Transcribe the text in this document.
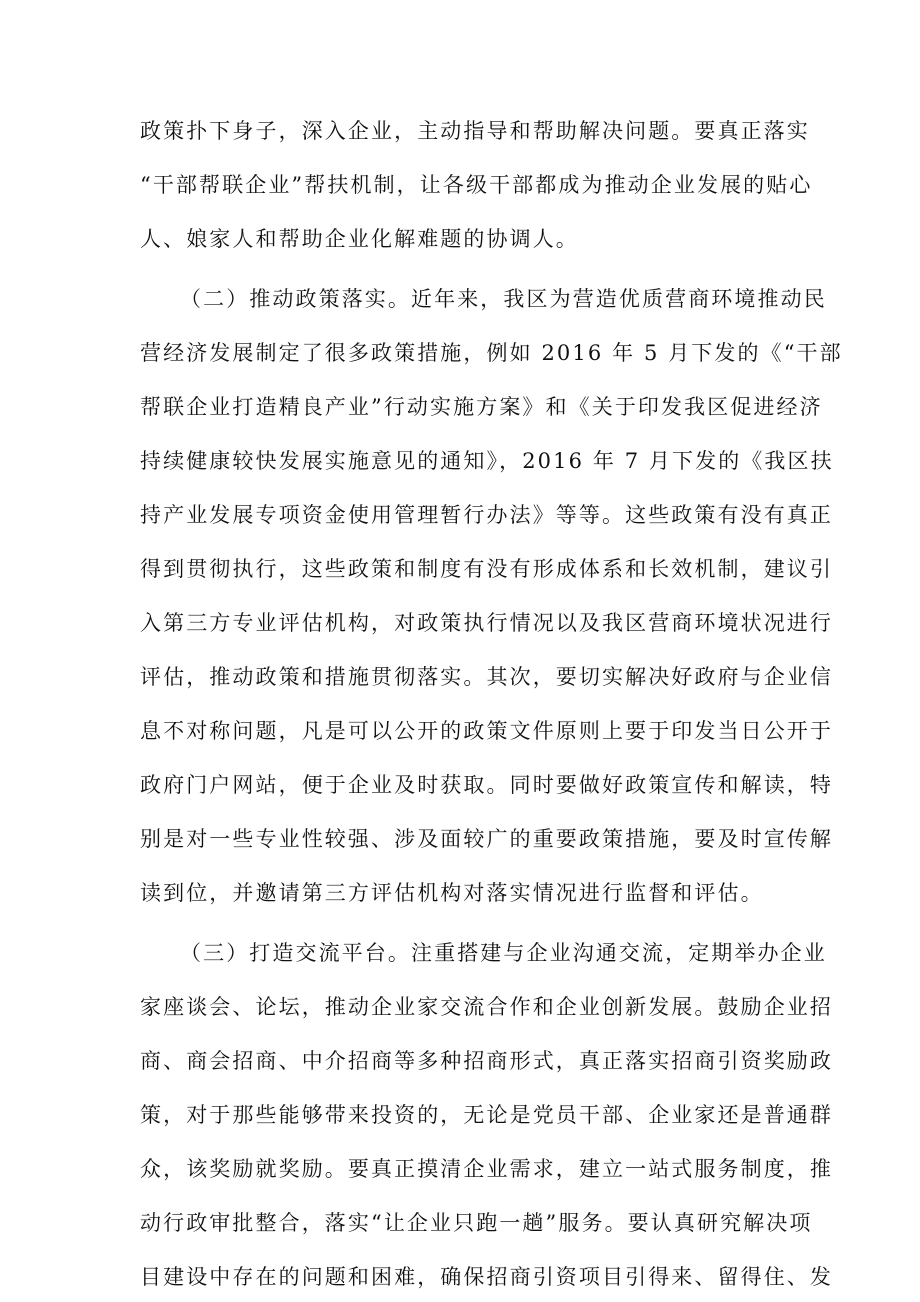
政策扑下身子，深入企业，主动指导和帮助解决问题。要真正落实
“干部帮联企业”帮扶机制，让各级干部都成为推动企业发展的贴心
人、娘家人和帮助企业化解难题的协调人。
（二）推动政策落实。近年来，我区为营造优质营商环境推动民
营经济发展制定了很多政策措施，例如 2016 年 5 月下发的《“干部
帮联企业打造精良产业”行动实施方案》和《关于印发我区促进经济
持续健康较快发展实施意见的通知》，2016 年 7 月下发的《我区扶
持产业发展专项资金使用管理暂行办法》等等。这些政策有没有真正
得到贯彻执行，这些政策和制度有没有形成体系和长效机制，建议引
入第三方专业评估机构，对政策执行情况以及我区营商环境状况进行
评估，推动政策和措施贯彻落实。其次，要切实解决好政府与企业信
息不对称问题，凡是可以公开的政策文件原则上要于印发当日公开于
政府门户网站，便于企业及时获取。同时要做好政策宣传和解读，特
别是对一些专业性较强、涉及面较广的重要政策措施，要及时宣传解
读到位，并邀请第三方评估机构对落实情况进行监督和评估。
（三）打造交流平台。注重搭建与企业沟通交流，定期举办企业
家座谈会、论坛，推动企业家交流合作和企业创新发展。鼓励企业招
商、商会招商、中介招商等多种招商形式，真正落实招商引资奖励政
策，对于那些能够带来投资的，无论是党员干部、企业家还是普通群
众，该奖励就奖励。要真正摸清企业需求，建立一站式服务制度，推
动行政审批整合，落实“让企业只跑一趟”服务。要认真研究解决项
目建设中存在的问题和困难，确保招商引资项目引得来、留得住、发
